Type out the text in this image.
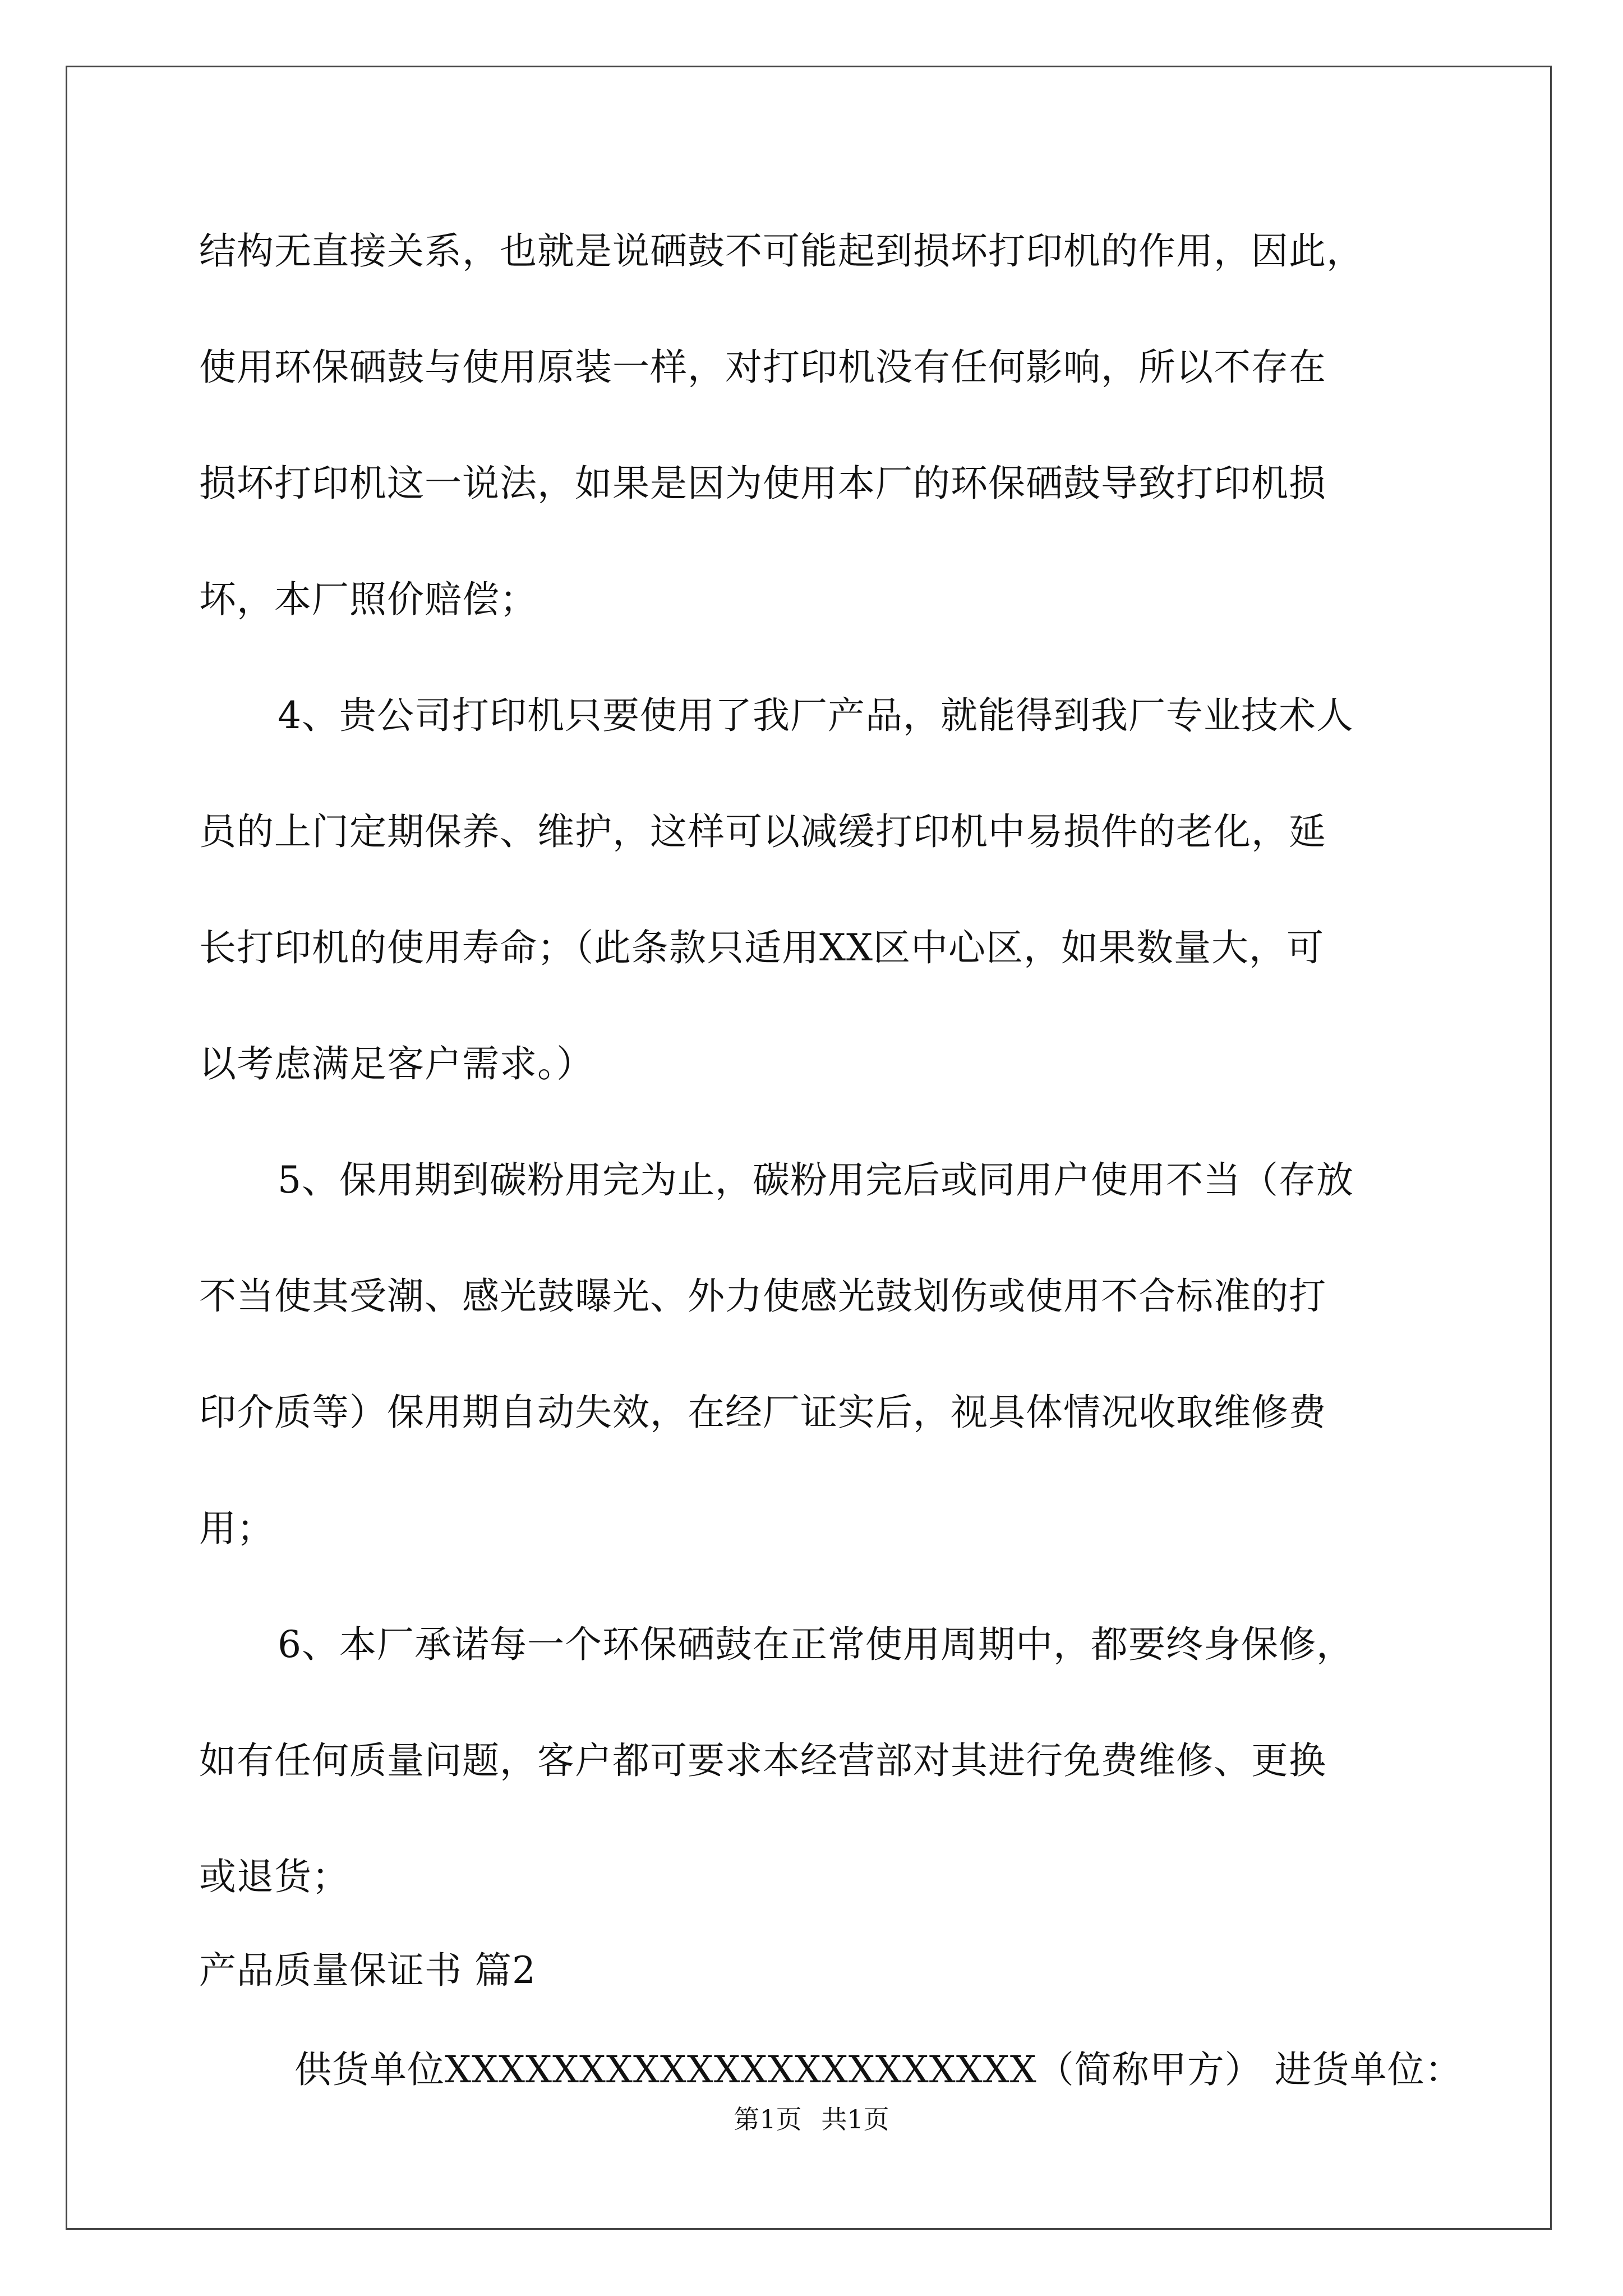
结构无直接关系，也就是说硒鼓不可能起到损坏打印机的作用，因此，
使用环保硒鼓与使用原装一样，对打印机没有任何影响，所以不存在
损坏打印机这一说法，如果是因为使用本厂的环保硒鼓导致打印机损
坏，本厂照价赔偿；
4、贵公司打印机只要使用了我厂产品，就能得到我厂专业技术人
员的上门定期保养、维护，这样可以减缓打印机中易损件的老化，延
长打印机的使用寿命；（此条款只适用XX区中心区，如果数量大，可
以考虑满足客户需求。）
5、保用期到碳粉用完为止，碳粉用完后或同用户使用不当（存放
不当使其受潮、感光鼓曝光、外力使感光鼓划伤或使用不合标准的打
印介质等）保用期自动失效，在经厂证实后，视具体情况收取维修费
用；
6、本厂承诺每一个环保硒鼓在正常使用周期中，都要终身保修，
如有任何质量问题，客户都可要求本经营部对其进行免费维修、更换
或退货；
产品质量保证书 篇2
供货单位XXXXXXXXXXXXXXXXXXXXXX（简称甲方） 进货单位：
第1页 共1页
